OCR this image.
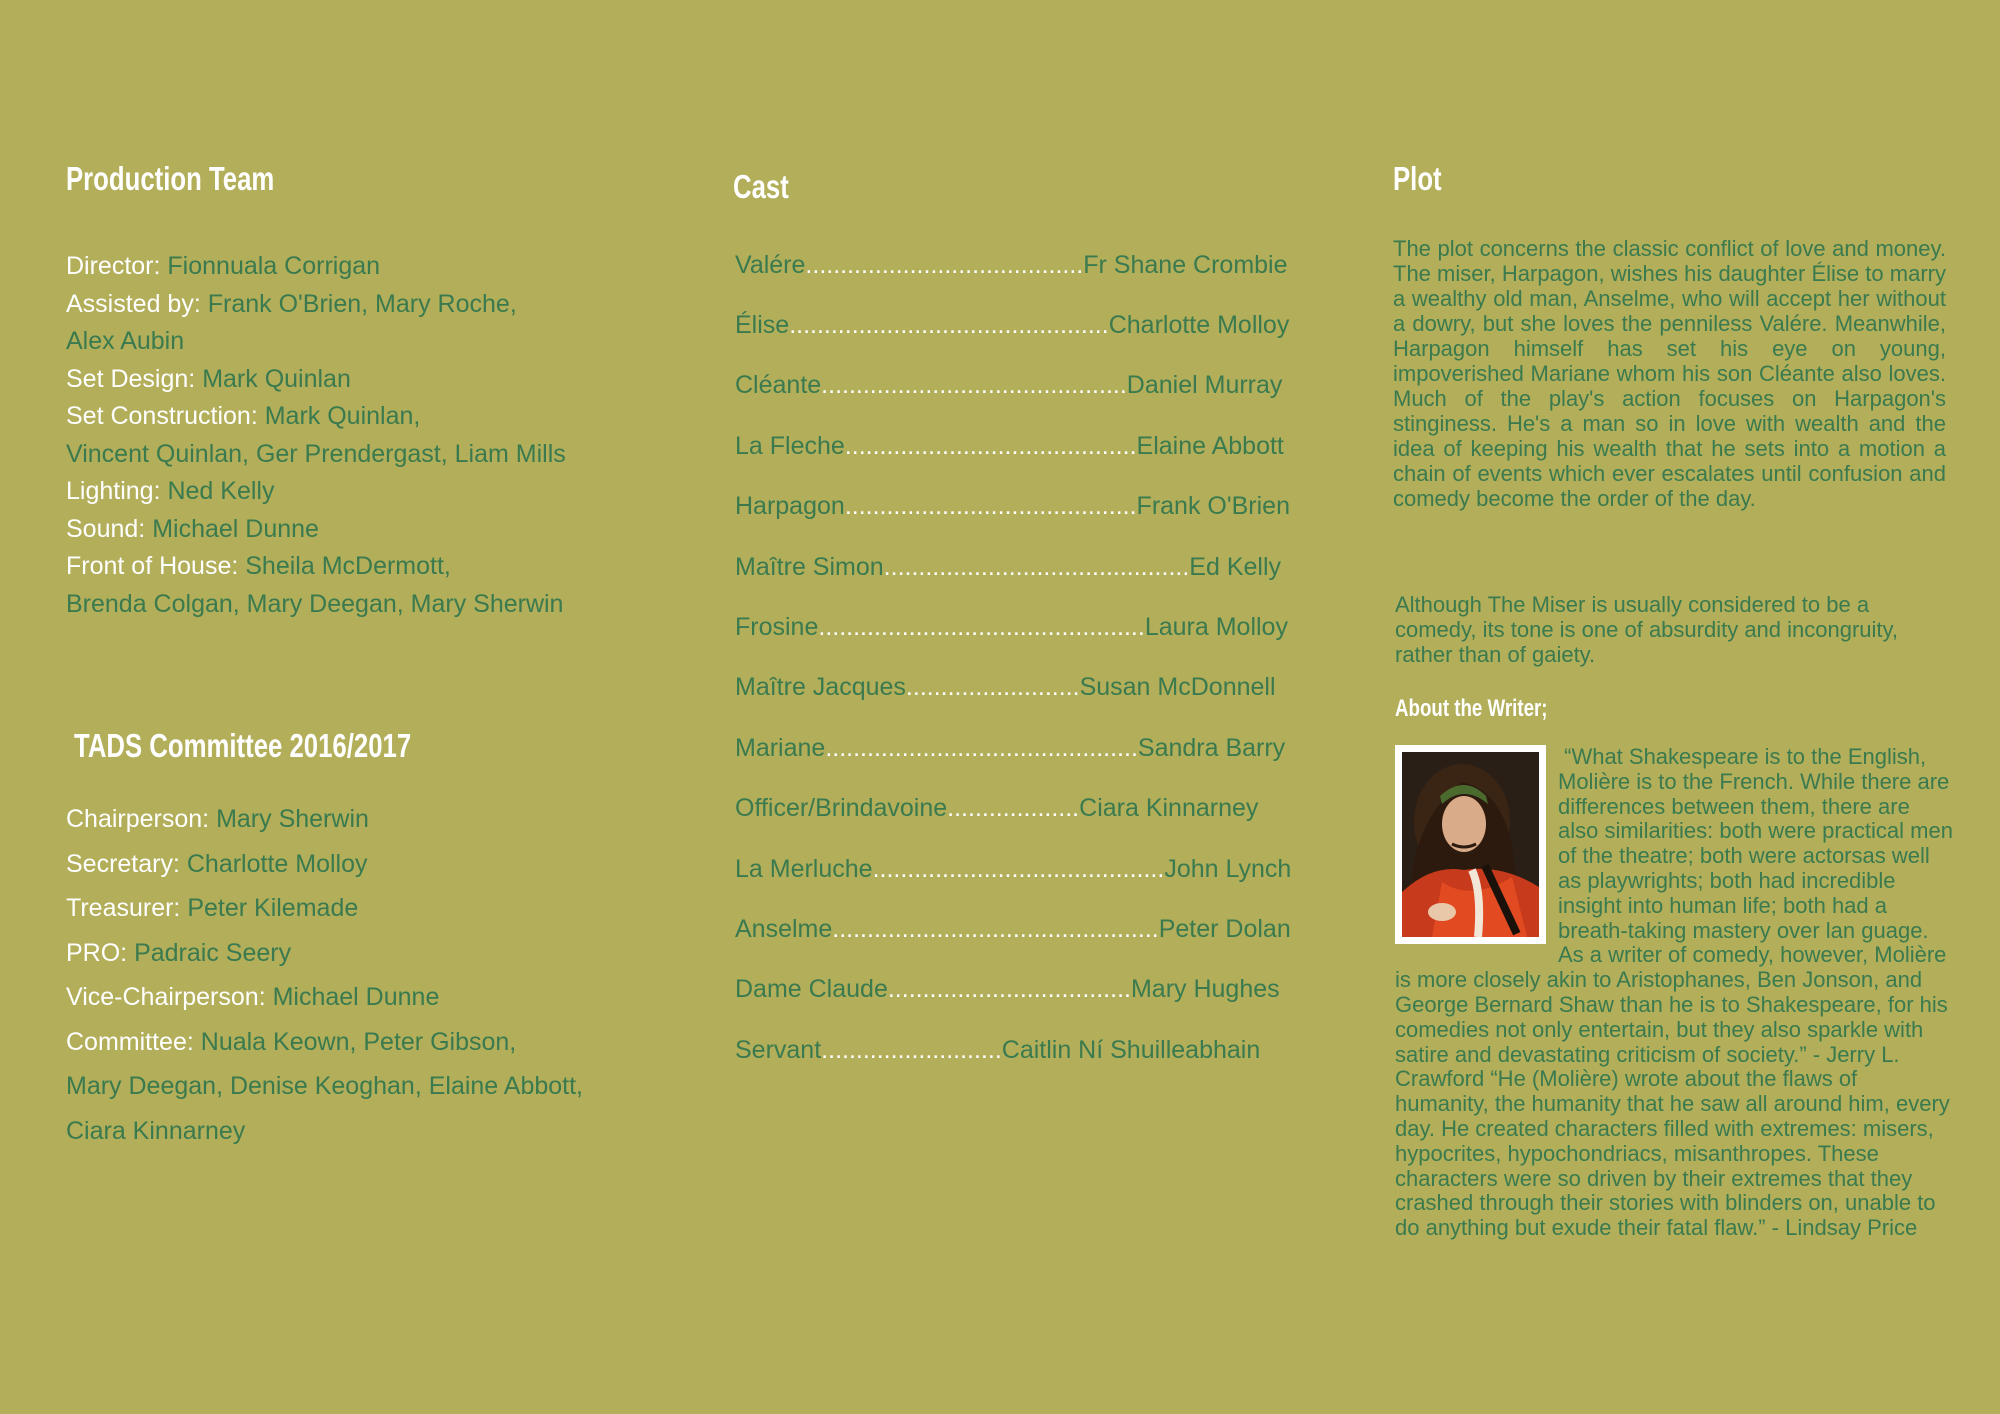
Production Team
Director: Fionnuala Corrigan
Assisted by: Frank O'Brien, Mary Roche,
Alex Aubin
Set Design: Mark Quinlan
Set Construction: Mark Quinlan,
Vincent Quinlan, Ger Prendergast, Liam Mills
Lighting: Ned Kelly
Sound: Michael Dunne
Front of House: Sheila McDermott,
Brenda Colgan, Mary Deegan, Mary Sherwin
TADS Committee 2016/2017
Chairperson: Mary Sherwin
Secretary: Charlotte Molloy
Treasurer: Peter Kilemade
PRO: Padraic Seery
Vice-Chairperson: Michael Dunne
Committee: Nuala Keown, Peter Gibson,
Mary Deegan, Denise Keoghan, Elaine Abbott,
Ciara Kinnarney
Cast
Valére ........................................ Fr Shane Crombie
Élise .............................................. Charlotte Molloy
Cléante ............................................ Daniel Murray
La Fleche .......................................... Elaine Abbott
Harpagon .......................................... Frank O'Brien
Maître Simon ............................................ Ed Kelly
Frosine ............................................... Laura Molloy
Maître Jacques ......................... Susan McDonnell
Mariane ............................................. Sandra Barry
Officer/Brindavoine ................... Ciara Kinnarney
La Merluche .......................................... John Lynch
Anselme ............................................... Peter Dolan
Dame Claude ................................... Mary Hughes
Servant .......................... Caitlin Ní Shuilleabhain
Plot

The plot concerns the classic conflict of love and money. The miser, Harpagon, wishes his daughter Élise to marry a wealthy old man, Anselme, who will accept her without a dowry, but she loves the penniless Valére. Meanwhile, Harpagon himself has set his eye on young, impoverished Mariane whom his son Cléante also loves. Much of the play's action focuses on Harpagon's stinginess. He's a man so in love with wealth and the idea of keeping his wealth that he sets into a motion a chain of events which ever escalates until confusion and comedy become the order of the day.

Although The Miser is usually considered to be a comedy, its tone is one of absurdity and incongruity, rather than of gaiety.

About the Writer;

“What Shakespeare is to the English, Molière is to the French. While there are differences between them, there are also similarities: both were practical men of the theatre; both were actorsas well as playwrights; both had incredible insight into human life; both had a breath-taking mastery over lan guage. As a writer of comedy, however, Molière is more closely akin to Aristophanes, Ben Jonson, and George Bernard Shaw than he is to Shakespeare, for his comedies not only entertain, but they also sparkle with satire and devastating criticism of society.” - Jerry L. Crawford “He (Molière) wrote about the flaws of humanity, the humanity that he saw all around him, every day. He created characters filled with extremes: misers, hypocrites, hypochondriacs, misanthropes. These characters were so driven by their extremes that they crashed through their stories with blinders on, unable to do anything but exude their fatal flaw.” - Lindsay Price
